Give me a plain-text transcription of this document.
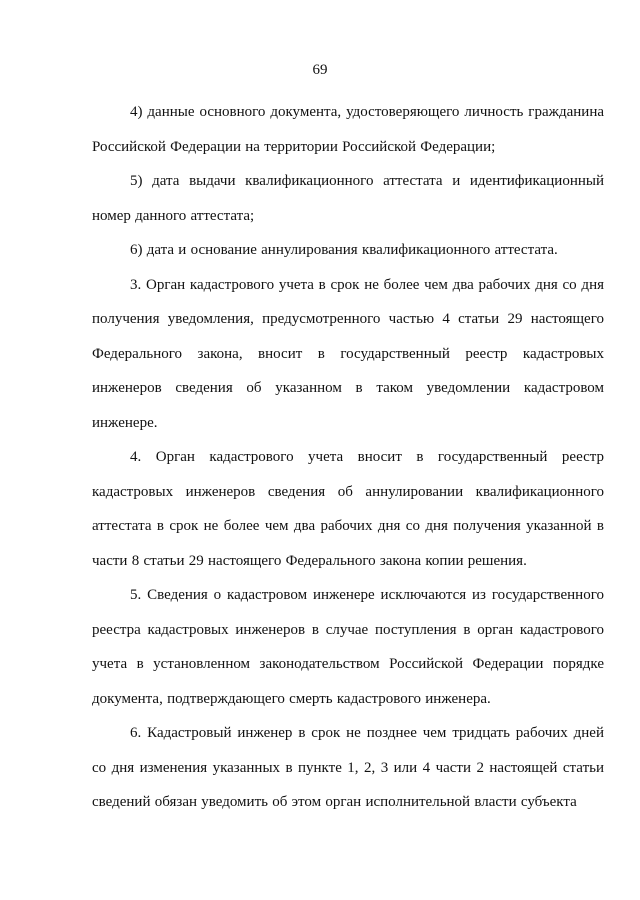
69

4) данные основного документа, удостоверяющего личность гражданина Российской Федерации на территории Российской Федерации;

5) дата выдачи квалификационного аттестата и идентификационный номер данного аттестата;

6) дата и основание аннулирования квалификационного аттестата.

3. Орган кадастрового учета в срок не более чем два рабочих дня со дня получения уведомления, предусмотренного частью 4 статьи 29 настоящего Федерального закона, вносит в государственный реестр кадастровых инженеров сведения об указанном в таком уведомлении кадастровом инженере.

4. Орган кадастрового учета вносит в государственный реестр кадастровых инженеров сведения об аннулировании квалификационного аттестата в срок не более чем два рабочих дня со дня получения указанной в части 8 статьи 29 настоящего Федерального закона копии решения.

5. Сведения о кадастровом инженере исключаются из государственного реестра кадастровых инженеров в случае поступления в орган кадастрового учета в установленном законодательством Российской Федерации порядке документа, подтверждающего смерть кадастрового инженера.

6. Кадастровый инженер в срок не позднее чем тридцать рабочих дней со дня изменения указанных в пункте 1, 2, 3 или 4 части 2 настоящей статьи сведений обязан уведомить об этом орган исполнительной власти субъекта
